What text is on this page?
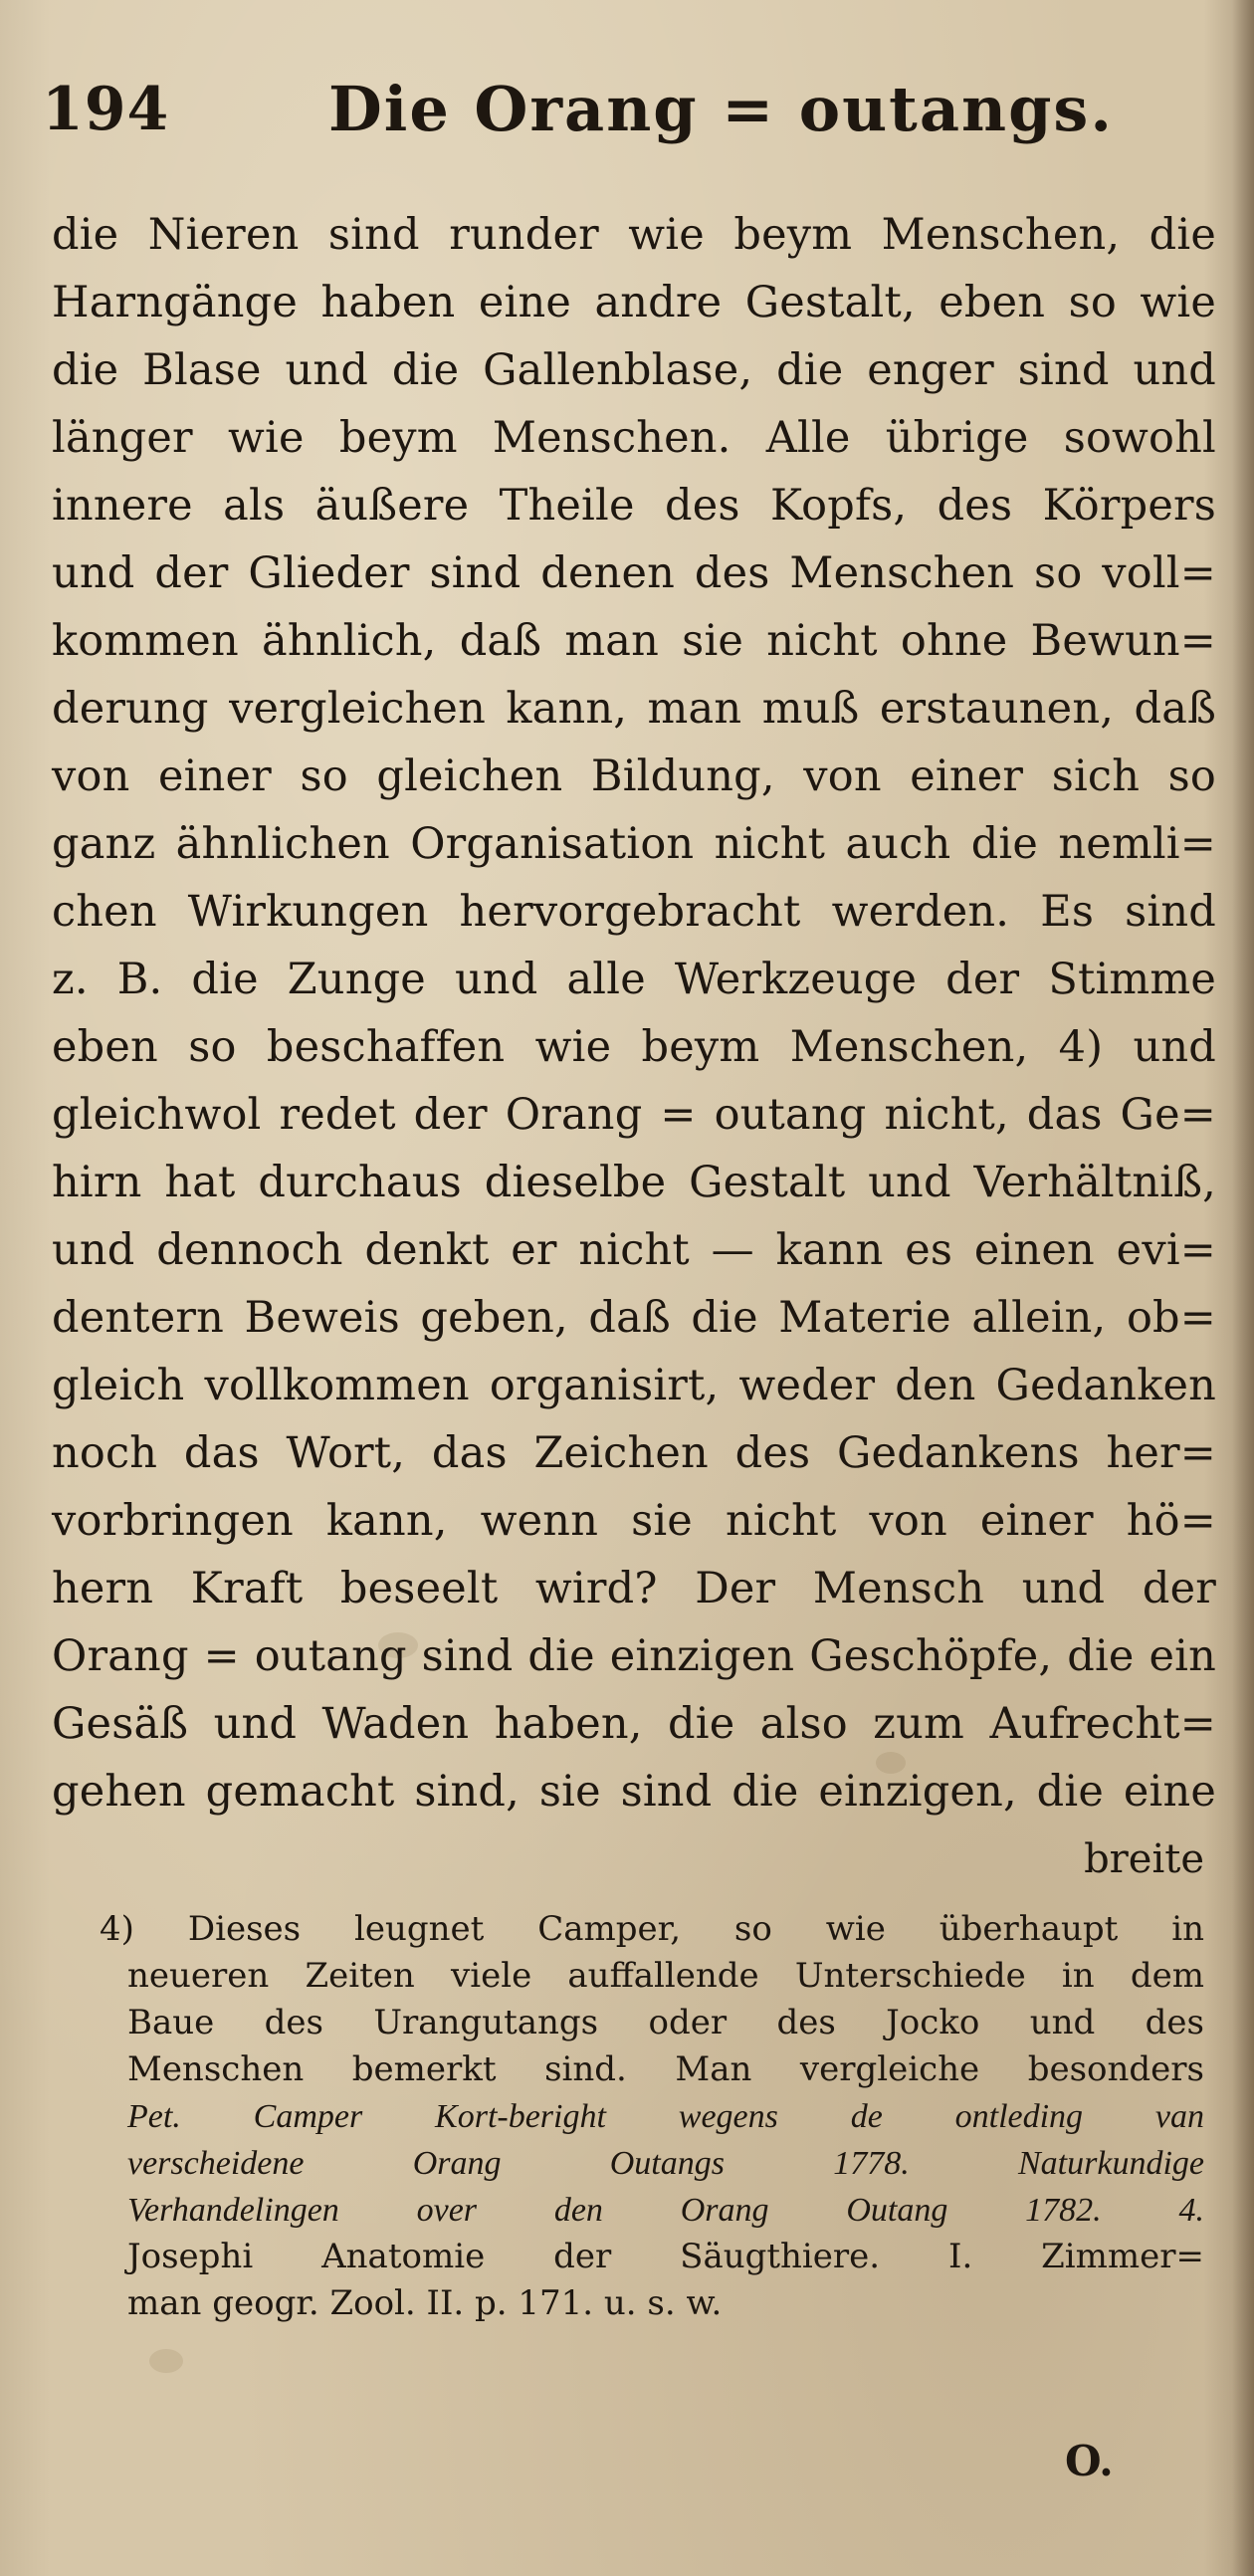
194	Die Orang = outangs.
die Nieren sind runder wie beym Menschen, die
Harngänge haben eine andre Gestalt, eben so wie
die Blase und die Gallenblase, die enger sind und
länger wie beym Menschen. Alle übrige sowohl
innere als äußere Theile des Kopfs, des Körpers
und der Glieder sind denen des Menschen so voll=
kommen ähnlich, daß man sie nicht ohne Bewun=
derung vergleichen kann, man muß erstaunen, daß
von einer so gleichen Bildung, von einer sich so
ganz ähnlichen Organisation nicht auch die nemli=
chen Wirkungen hervorgebracht werden. Es sind
z. B. die Zunge und alle Werkzeuge der Stimme
eben so beschaffen wie beym Menschen, 4) und
gleichwol redet der Orang = outang nicht, das Ge=
hirn hat durchaus dieselbe Gestalt und Verhältniß,
und dennoch denkt er nicht — kann es einen evi=
dentern Beweis geben, daß die Materie allein, ob=
gleich vollkommen organisirt, weder den Gedanken
noch das Wort, das Zeichen des Gedankens her=
vorbringen kann, wenn sie nicht von einer hö=
hern Kraft beseelt wird? Der Mensch und der
Orang = outang sind die einzigen Geschöpfe, die ein
Gesäß und Waden haben, die also zum Aufrecht=
gehen gemacht sind, sie sind die einzigen, die eine
breite
4) Dieses leugnet Camper, so wie überhaupt in
neueren Zeiten viele auffallende Unterschiede in dem
Baue des Urangutangs oder des Jocko und des
Menschen bemerkt sind. Man vergleiche besonders
Pet. Camper Kort-beright wegens de ontleding van
verscheidene Orang Outangs 1778. Naturkundige
Verhandelingen over den Orang Outang 1782. 4.
Josephi Anatomie der Säugthiere. I. Zimmer=
man geogr. Zool. II. p. 171. u. s. w.
O.
